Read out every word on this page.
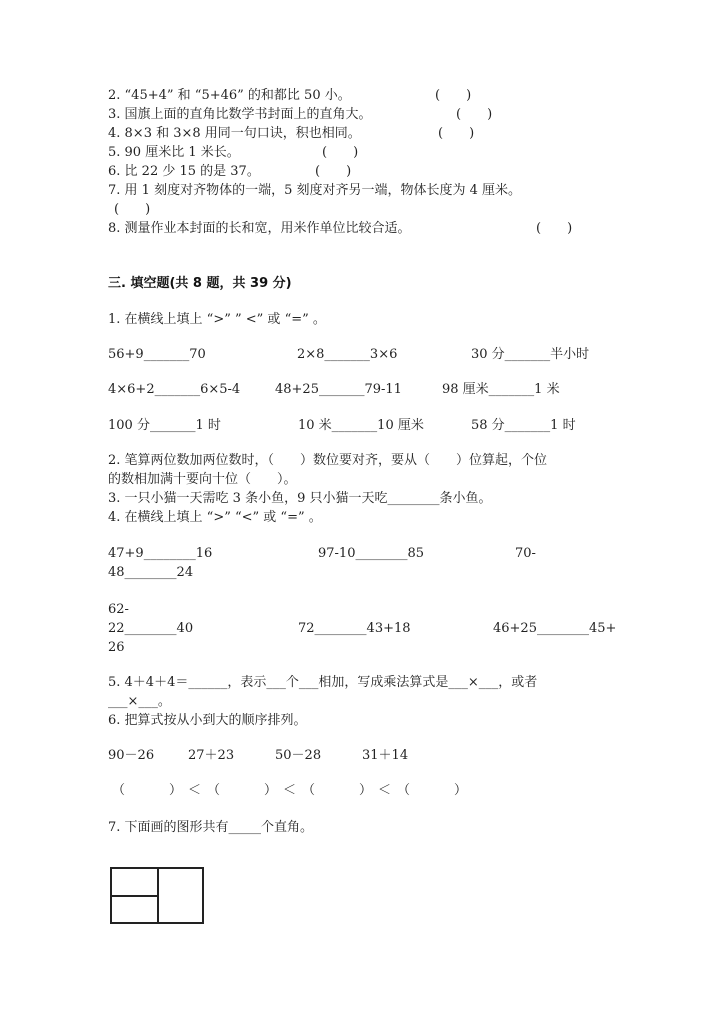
2. “45+4” 和 “5+46” 的和都比 50 小。	(　　)
3. 国旗上面的直角比数学书封面上的直角大。	(　　)
4. 8×3 和 3×8 用同一句口诀，积也相同。	(　　)
5. 90 厘米比 1 米长。	(　　)
6. 比 22 少 15 的是 37。	(　　)
7. 用 1 刻度对齐物体的一端，5 刻度对齐另一端，物体长度为 4 厘米。
(　　)
8. 测量作业本封面的长和宽，用米作单位比较合适。	(　　)
三. 填空题(共 8 题，共 39 分)
1. 在横线上填上 “>” ” <” 或 “=” 。
56+9_______70	2×8_______3×6	30 分_______半小时
4×6+2_______6×5-4	48+25_______79-11	98 厘米_______1 米
100 分_______1 时	10 米_______10 厘米	58 分_______1 时
2. 笔算两位数加两位数时，（　　）数位要对齐，要从（　　）位算起，个位
的数相加满十要向十位（　　）。
3. 一只小猫一天需吃 3 条小鱼，9 只小猫一天吃________条小鱼。
4. 在横线上填上 “>” “<” 或 “=” 。
47+9________16	97-10________85	70-
48________24
62-
22________40	72________43+18	46+25________45+
26
5. 4＋4＋4＝______，表示___个___相加，写成乘法算式是___×___，或者
___×___。
6. 把算式按从小到大的顺序排列。
90－26	27＋23	50－28	31＋14
（　　）＜（　　）＜（　　）＜（　　）
7. 下面画的图形共有_____个直角。
